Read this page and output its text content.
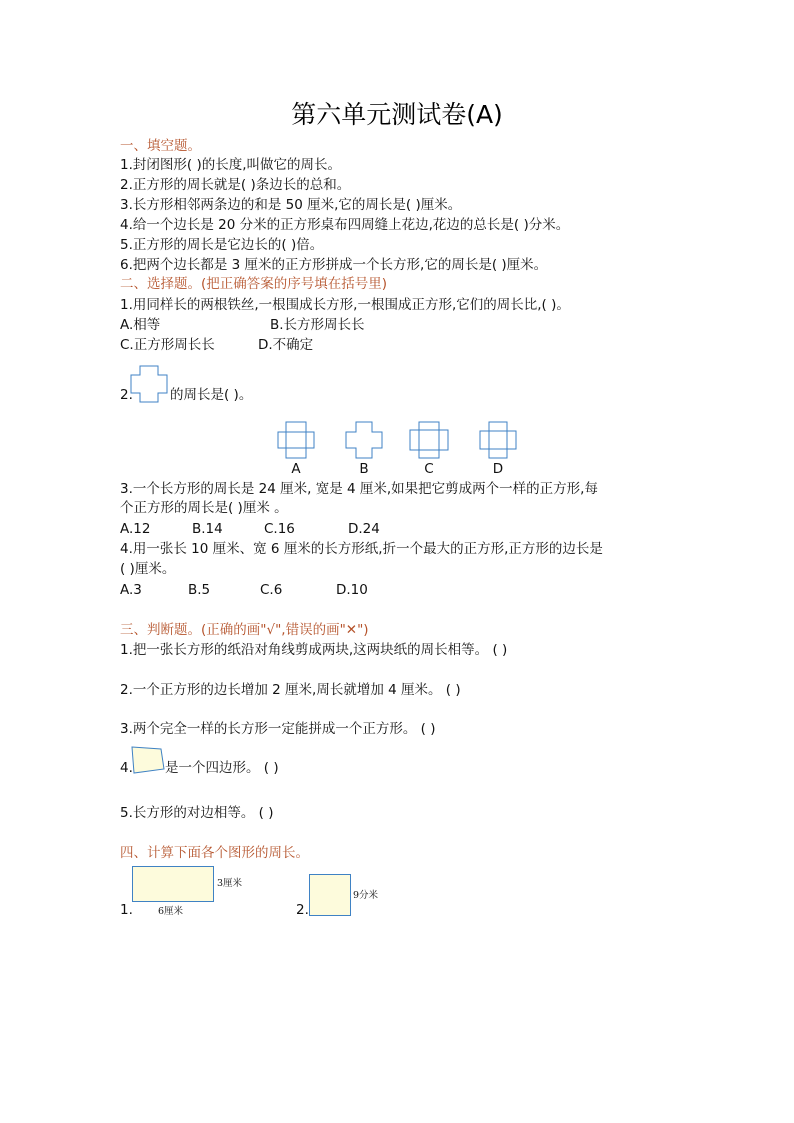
第六单元测试卷(A)
一、填空题。
1.封闭图形( )的长度,叫做它的周长。
2.正方形的周长就是( )条边长的总和。
3.长方形相邻两条边的和是 50 厘米,它的周长是( )厘米。
4.给一个边长是 20 分米的正方形桌布四周缝上花边,花边的总长是( )分米。
5.正方形的周长是它边长的( )倍。
6.把两个边长都是 3 厘米的正方形拼成一个长方形,它的周长是( )厘米。
二、选择题。(把正确答案的序号填在括号里)
1.用同样长的两根铁丝,一根围成长方形,一根围成正方形,它们的周长比,( )。
A.相等	B.长方形周长长
C.正方形周长长	D.不确定
2.	的周长是( )。
A	B	C	D
3.一个长方形的周长是 24 厘米, 宽是 4 厘米,如果把它剪成两个一样的正方形,每
个正方形的周长是( )厘米 。
A.12	B.14	C.16	D.24
4.用一张长 10 厘米、宽 6 厘米的长方形纸,折一个最大的正方形,正方形的边长是
( )厘米。
A.3	B.5	C.6	D.10
三、判断题。(正确的画"√",错误的画"✕")
1.把一张长方形的纸沿对角线剪成两块,这两块纸的周长相等。 ( )
2.一个正方形的边长增加 2 厘米,周长就增加 4 厘米。 ( )
3.两个完全一样的长方形一定能拼成一个正方形。 ( )
4. 是一个四边形。 ( )
5.长方形的对边相等。 ( )
四、计算下面各个图形的周长。
3厘米
6厘米
1.
9分米
2.
